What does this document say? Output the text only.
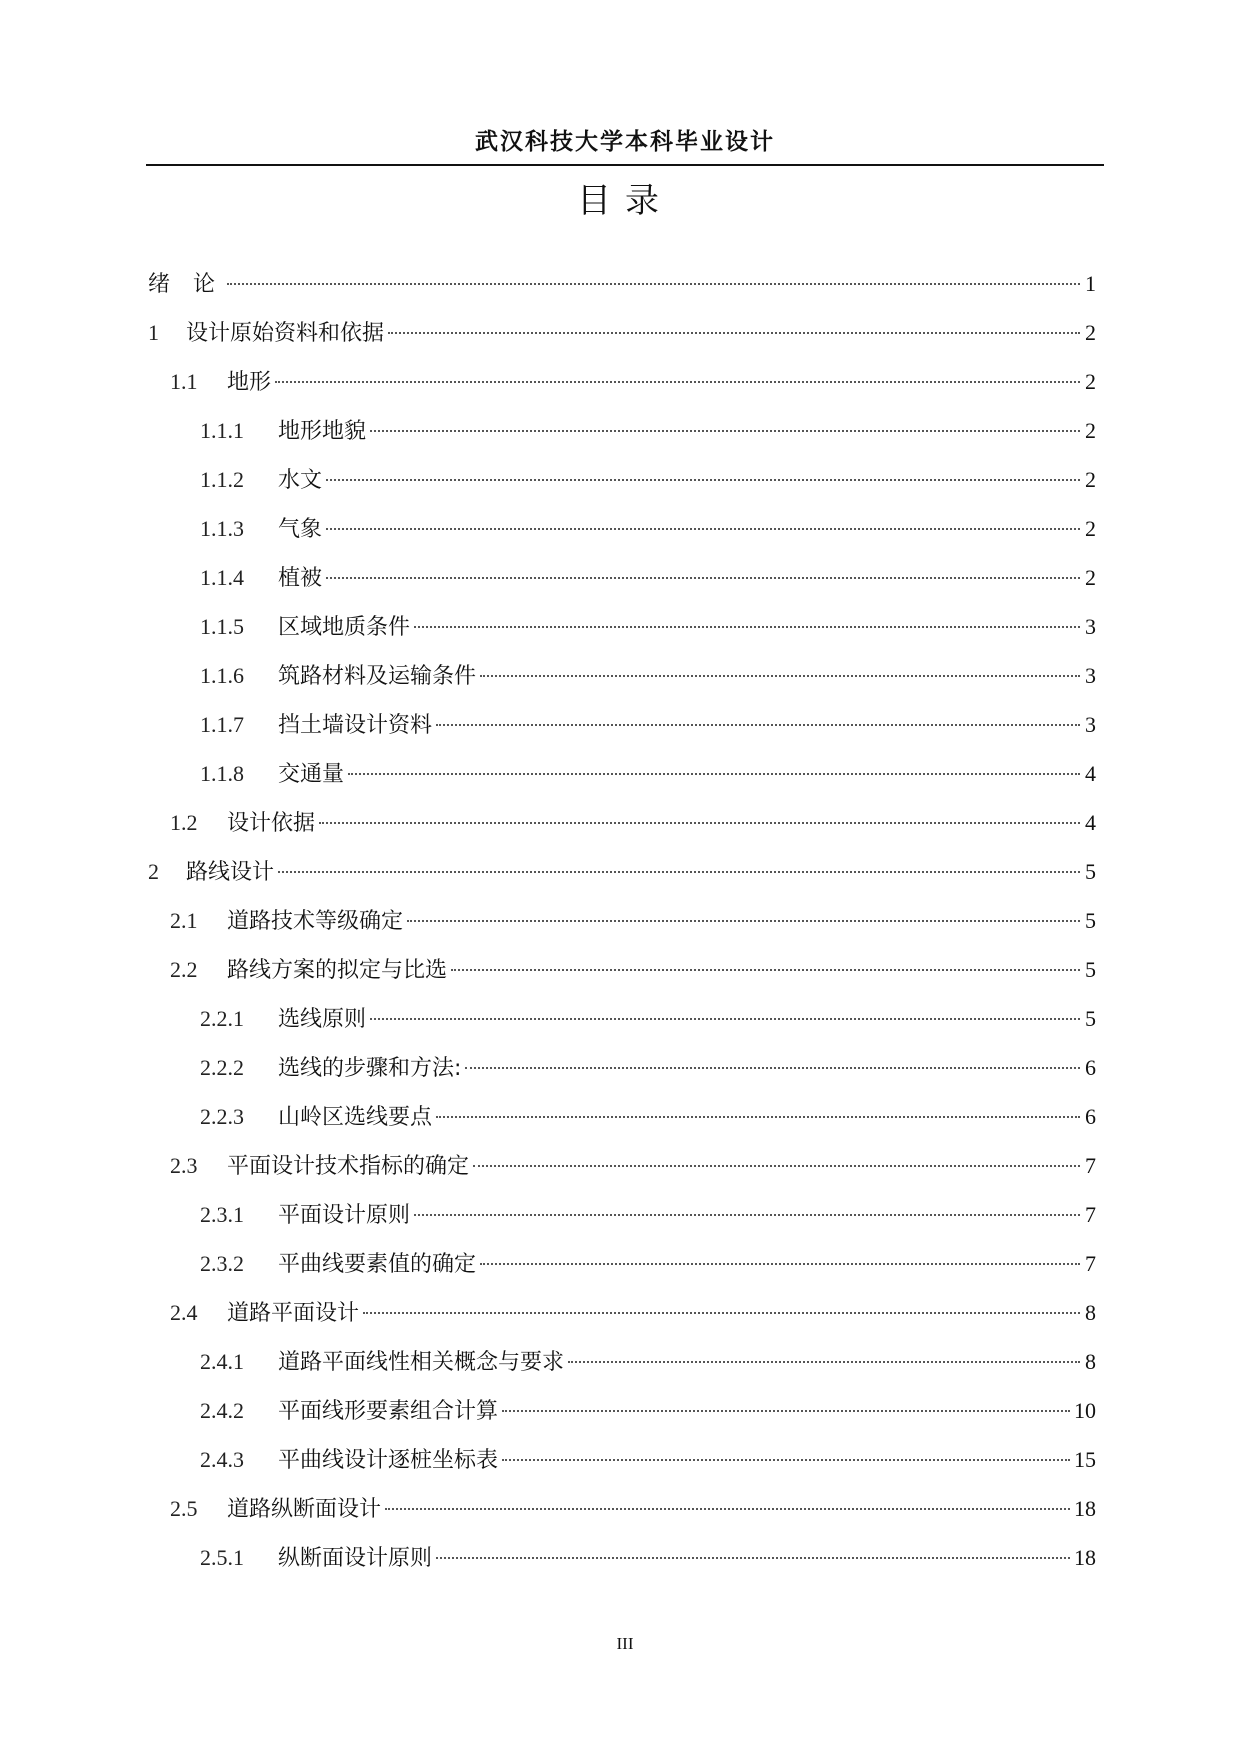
武汉科技大学本科毕业设计
目录
绪 论	1
1	设计原始资料和依据	2
1.1	地形	2
1.1.1	地形地貌	2
1.1.2	水文	2
1.1.3	气象	2
1.1.4	植被	2
1.1.5	区域地质条件	3
1.1.6	筑路材料及运输条件	3
1.1.7	挡土墙设计资料	3
1.1.8	交通量	4
1.2	设计依据	4
2	路线设计	5
2.1	道路技术等级确定	5
2.2	路线方案的拟定与比选	5
2.2.1	选线原则	5
2.2.2	选线的步骤和方法:	6
2.2.3	山岭区选线要点	6
2.3	平面设计技术指标的确定	7
2.3.1	平面设计原则	7
2.3.2	平曲线要素值的确定	7
2.4	道路平面设计	8
2.4.1	道路平面线性相关概念与要求	8
2.4.2	平面线形要素组合计算	10
2.4.3	平曲线设计逐桩坐标表	15
2.5	道路纵断面设计	18
2.5.1	纵断面设计原则	18
III
